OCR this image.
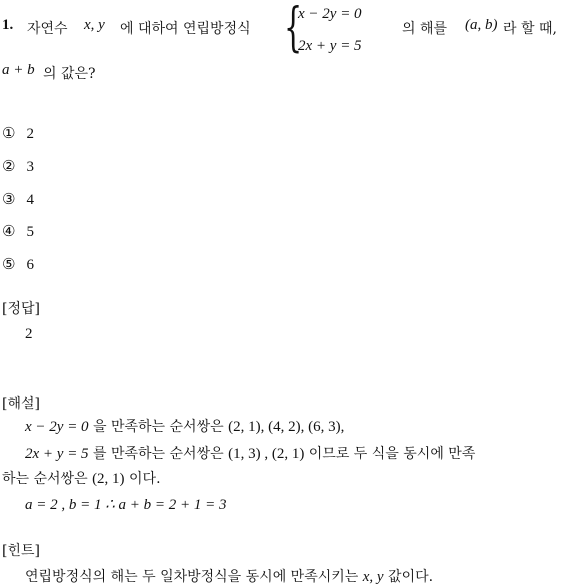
1. 자연수 x, y 에 대하여 연립방정식 {
x − 2y = 0
2x + y = 5
의 해를 (a, b) 라 할 때,
a + b 의 값은?
① 2
② 3
③ 4
④ 5
⑤ 6
[정답]
2
[해설]
x − 2y = 0 을 만족하는 순서쌍은 (2, 1), (4, 2), (6, 3),
2x + y = 5 를 만족하는 순서쌍은 (1, 3) , (2, 1) 이므로 두 식을 동시에 만족
하는 순서쌍은 (2, 1) 이다.
a = 2 , b = 1 ∴ a + b = 2 + 1 = 3
[힌트]
연립방정식의 해는 두 일차방정식을 동시에 만족시키는 x, y 값이다.
